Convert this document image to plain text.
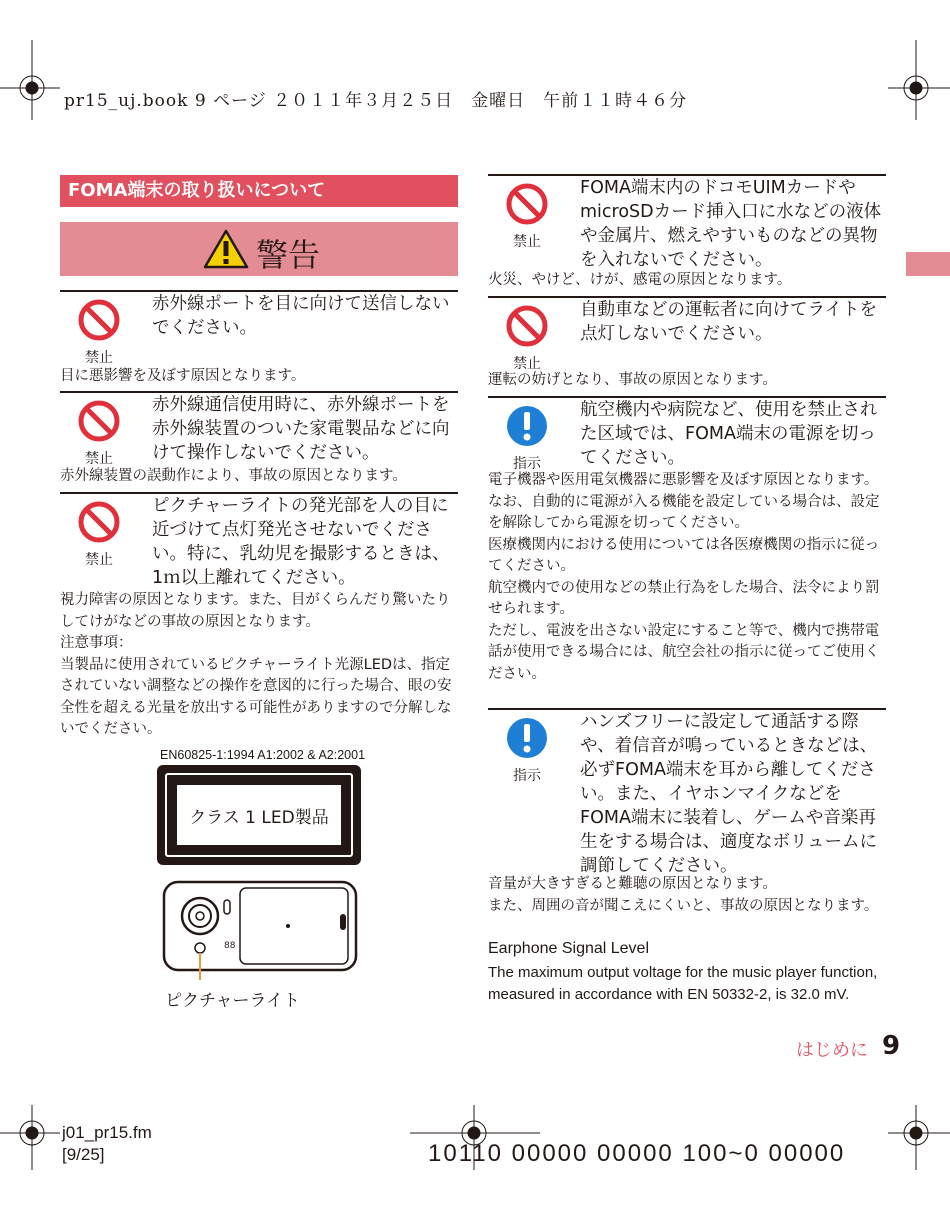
pr15_uj.book 9 ページ ２０１１年３月２５日　金曜日　午前１１時４６分
FOMA端末の取り扱いについて
警告
禁止
赤外線ポートを目に向けて送信しないでください。
目に悪影響を及ぼす原因となります。
禁止
赤外線通信使用時に、赤外線ポートを赤外線装置のついた家電製品などに向けて操作しないでください。
赤外線装置の誤動作により、事故の原因となります。
禁止
ピクチャーライトの発光部を人の目に近づけて点灯発光させないでください。特に、乳幼児を撮影するときは、1ｍ以上離れてください。
視力障害の原因となります。また、目がくらんだり驚いたりしてけがなどの事故の原因となります。
注意事項：
当製品に使用されているピクチャーライト光源LEDは、指定されていない調整などの操作を意図的に行った場合、眼の安全性を超える光量を放出する可能性がありますので分解しないでください。
EN60825-1:1994 A1:2002 & A2:2001
クラス 1 LED製品
88
ピクチャーライト
禁止
FOMA端末内のドコモUIMカードやmicroSDカード挿入口に水などの液体や金属片、燃えやすいものなどの異物を入れないでください。
火災、やけど、けが、感電の原因となります。
禁止
自動車などの運転者に向けてライトを点灯しないでください。
運転の妨げとなり、事故の原因となります。
指示
航空機内や病院など、使用を禁止された区域では、FOMA端末の電源を切ってください。
電子機器や医用電気機器に悪影響を及ぼす原因となります。
なお、自動的に電源が入る機能を設定している場合は、設定を解除してから電源を切ってください。
医療機関内における使用については各医療機関の指示に従ってください。
航空機内での使用などの禁止行為をした場合、法令により罰せられます。
ただし、電波を出さない設定にすること等で、機内で携帯電話が使用できる場合には、航空会社の指示に従ってご使用ください。
指示
ハンズフリーに設定して通話する際や、着信音が鳴っているときなどは、必ずFOMA端末を耳から離してください。また、イヤホンマイクなどをFOMA端末に装着し、ゲームや音楽再生をする場合は、適度なボリュームに調節してください。
音量が大きすぎると難聴の原因となります。
また、周囲の音が聞こえにくいと、事故の原因となります。
Earphone Signal Level
The maximum output voltage for the music player function, measured in accordance with EN 50332-2, is 32.0 mV.
はじめに 9
j01_pr15.fm
[9/25]	10110 00000 00000 100~0 00000
